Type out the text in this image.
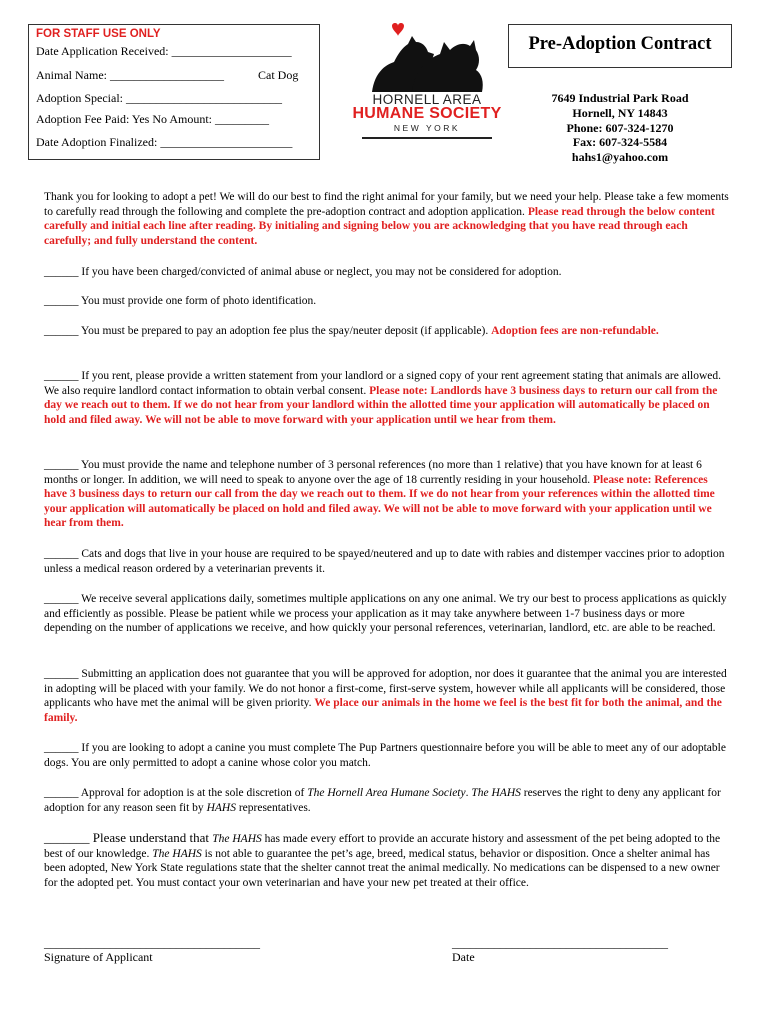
FOR STAFF USE ONLY
Date Application Received: ____________________
Animal Name: ___________________	Cat Dog
Adoption Special: __________________________
Adoption Fee Paid: Yes No Amount: _________
Date Adoption Finalized: ______________________
HORNELL AREA
HUMANE SOCIETY
NEW YORK
Pre-Adoption Contract
7649 Industrial Park Road
Hornell, NY 14843
Phone: 607-324-1270
Fax: 607-324-5584
hahs1@yahoo.com
Thank you for looking to adopt a pet! We will do our best to find the right animal for your family, but we need your help. Please take a few moments to carefully read through the following and complete the pre-adoption contract and adoption application. Please read through the below content carefully and initial each line after reading. By initialing and signing below you are acknowledging that you have read through each carefully; and fully understand the content.
______ If you have been charged/convicted of animal abuse or neglect, you may not be considered for adoption.
______ You must provide one form of photo identification.
______ You must be prepared to pay an adoption fee plus the spay/neuter deposit (if applicable). Adoption fees are non-refundable.
______ If you rent, please provide a written statement from your landlord or a signed copy of your rent agreement stating that animals are allowed. We also require landlord contact information to obtain verbal consent. Please note: Landlords have 3 business days to return our call from the day we reach out to them. If we do not hear from your landlord within the allotted time your application will automatically be placed on hold and filed away. We will not be able to move forward with your application until we hear from them.
______ You must provide the name and telephone number of 3 personal references (no more than 1 relative) that you have known for at least 6 months or longer. In addition, we will need to speak to anyone over the age of 18 currently residing in your household. Please note: References have 3 business days to return our call from the day we reach out to them. If we do not hear from your references within the allotted time your application will automatically be placed on hold and filed away. We will not be able to move forward with your application until we hear from them.
______ Cats and dogs that live in your house are required to be spayed/neutered and up to date with rabies and distemper vaccines prior to adoption unless a medical reason ordered by a veterinarian prevents it.
______ We receive several applications daily, sometimes multiple applications on any one animal. We try our best to process applications as quickly and efficiently as possible. Please be patient while we process your application as it may take anywhere between 1-7 business days or more depending on the number of applications we receive, and how quickly your personal references, veterinarian, landlord, etc. are able to be reached.
______ Submitting an application does not guarantee that you will be approved for adoption, nor does it guarantee that the animal you are interested in adopting will be placed with your family. We do not honor a first-come, first-serve system, however while all applicants will be considered, those applicants who have met the animal will be given priority. We place our animals in the home we feel is the best fit for both the animal, and the family.
______ If you are looking to adopt a canine you must complete The Pup Partners questionnaire before you will be able to meet any of our adoptable dogs. You are only permitted to adopt a canine whose color you match.
______ Approval for adoption is at the sole discretion of The Hornell Area Humane Society. The HAHS reserves the right to deny any applicant for adoption for any reason seen fit by HAHS representatives.
_______ Please understand that The HAHS has made every effort to provide an accurate history and assessment of the pet being adopted to the best of our knowledge. The HAHS is not able to guarantee the pet’s age, breed, medical status, behavior or disposition. Once a shelter animal has been adopted, New York State regulations state that the shelter cannot treat the animal medically. No medications can be dispensed to a new owner for the adopted pet. You must contact your own veterinarian and have your new pet treated at their office.
____________________________________
Signature of Applicant
____________________________________
Date
